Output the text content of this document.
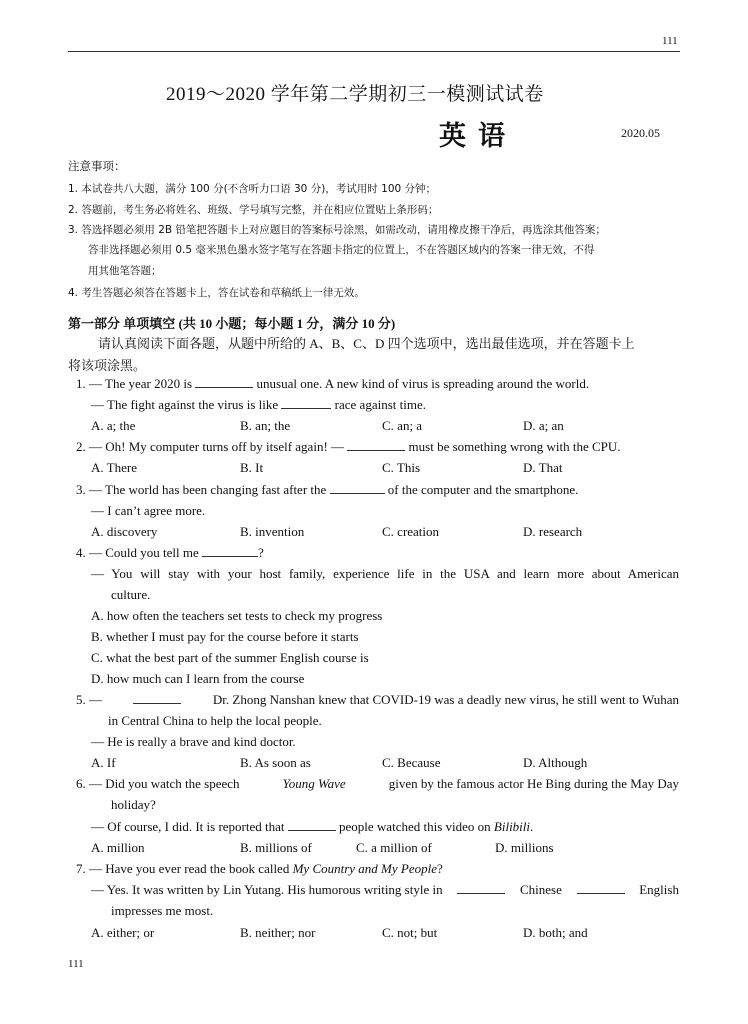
111
2019～2020 学年第二学期初三一模测试试卷
英语	2020.05
注意事项：
1. 本试卷共八大题，满分 100 分(不含听力口语 30 分)，考试用时 100 分钟；
2. 答题前，考生务必将姓名、班级、学号填写完整，并在相应位置贴上条形码；
3. 答选择题必须用 2B 铅笔把答题卡上对应题目的答案标号涂黑，如需改动，请用橡皮擦干净后，再选涂其他答案；
答非选择题必须用 0.5 毫米黑色墨水签字笔写在答题卡指定的位置上，不在答题区域内的答案一律无效，不得
用其他笔答题；
4. 考生答题必须答在答题卡上，答在试卷和草稿纸上一律无效。
第一部分 单项填空 (共 10 小题；每小题 1 分，满分 10 分)
请认真阅读下面各题，从题中所给的 A、B、C、D 四个选项中，选出最佳选项，并在答题卡上
将该项涂黑。
1. — The year 2020 is	unusual one. A new kind of virus is spreading around the world.
— The fight against the virus is like	race against time.
A. a; the	B. an; the	C. an; a	D. a; an
2. — Oh! My computer turns off by itself again! —	must be something wrong with the CPU.
A. There	B. It	C. This	D. That
3. — The world has been changing fast after the	of the computer and the smartphone.
— I can’t agree more.
A. discovery	B. invention	C. creation	D. research
4. — Could you tell me	?
— You will stay with your host family, experience life in the USA and learn more about American
culture.
A. how often the teachers set tests to check my progress
B. whether I must pay for the course before it starts
C. what the best part of the summer English course is
D. how much can I learn from the course
5. —	Dr. Zhong Nanshan knew that COVID-19 was a deadly new virus, he still went to Wuhan
in Central China to help the local people.
— He is really a brave and kind doctor.
A. If	B. As soon as	C. Because	D. Although
6. — Did you watch the speech	Young Wave	given by the famous actor He Bing during the May Day
holiday?
— Of course, I did. It is reported that	people watched this video on Bilibili.
A. million	B. millions of	C. a million of	D. millions
7. — Have you ever read the book called My Country and My People?
— Yes. It was written by Lin Yutang. His humorous writing style in	Chinese	English
impresses me most.
A. either; or	B. neither; nor	C. not; but	D. both; and
111
